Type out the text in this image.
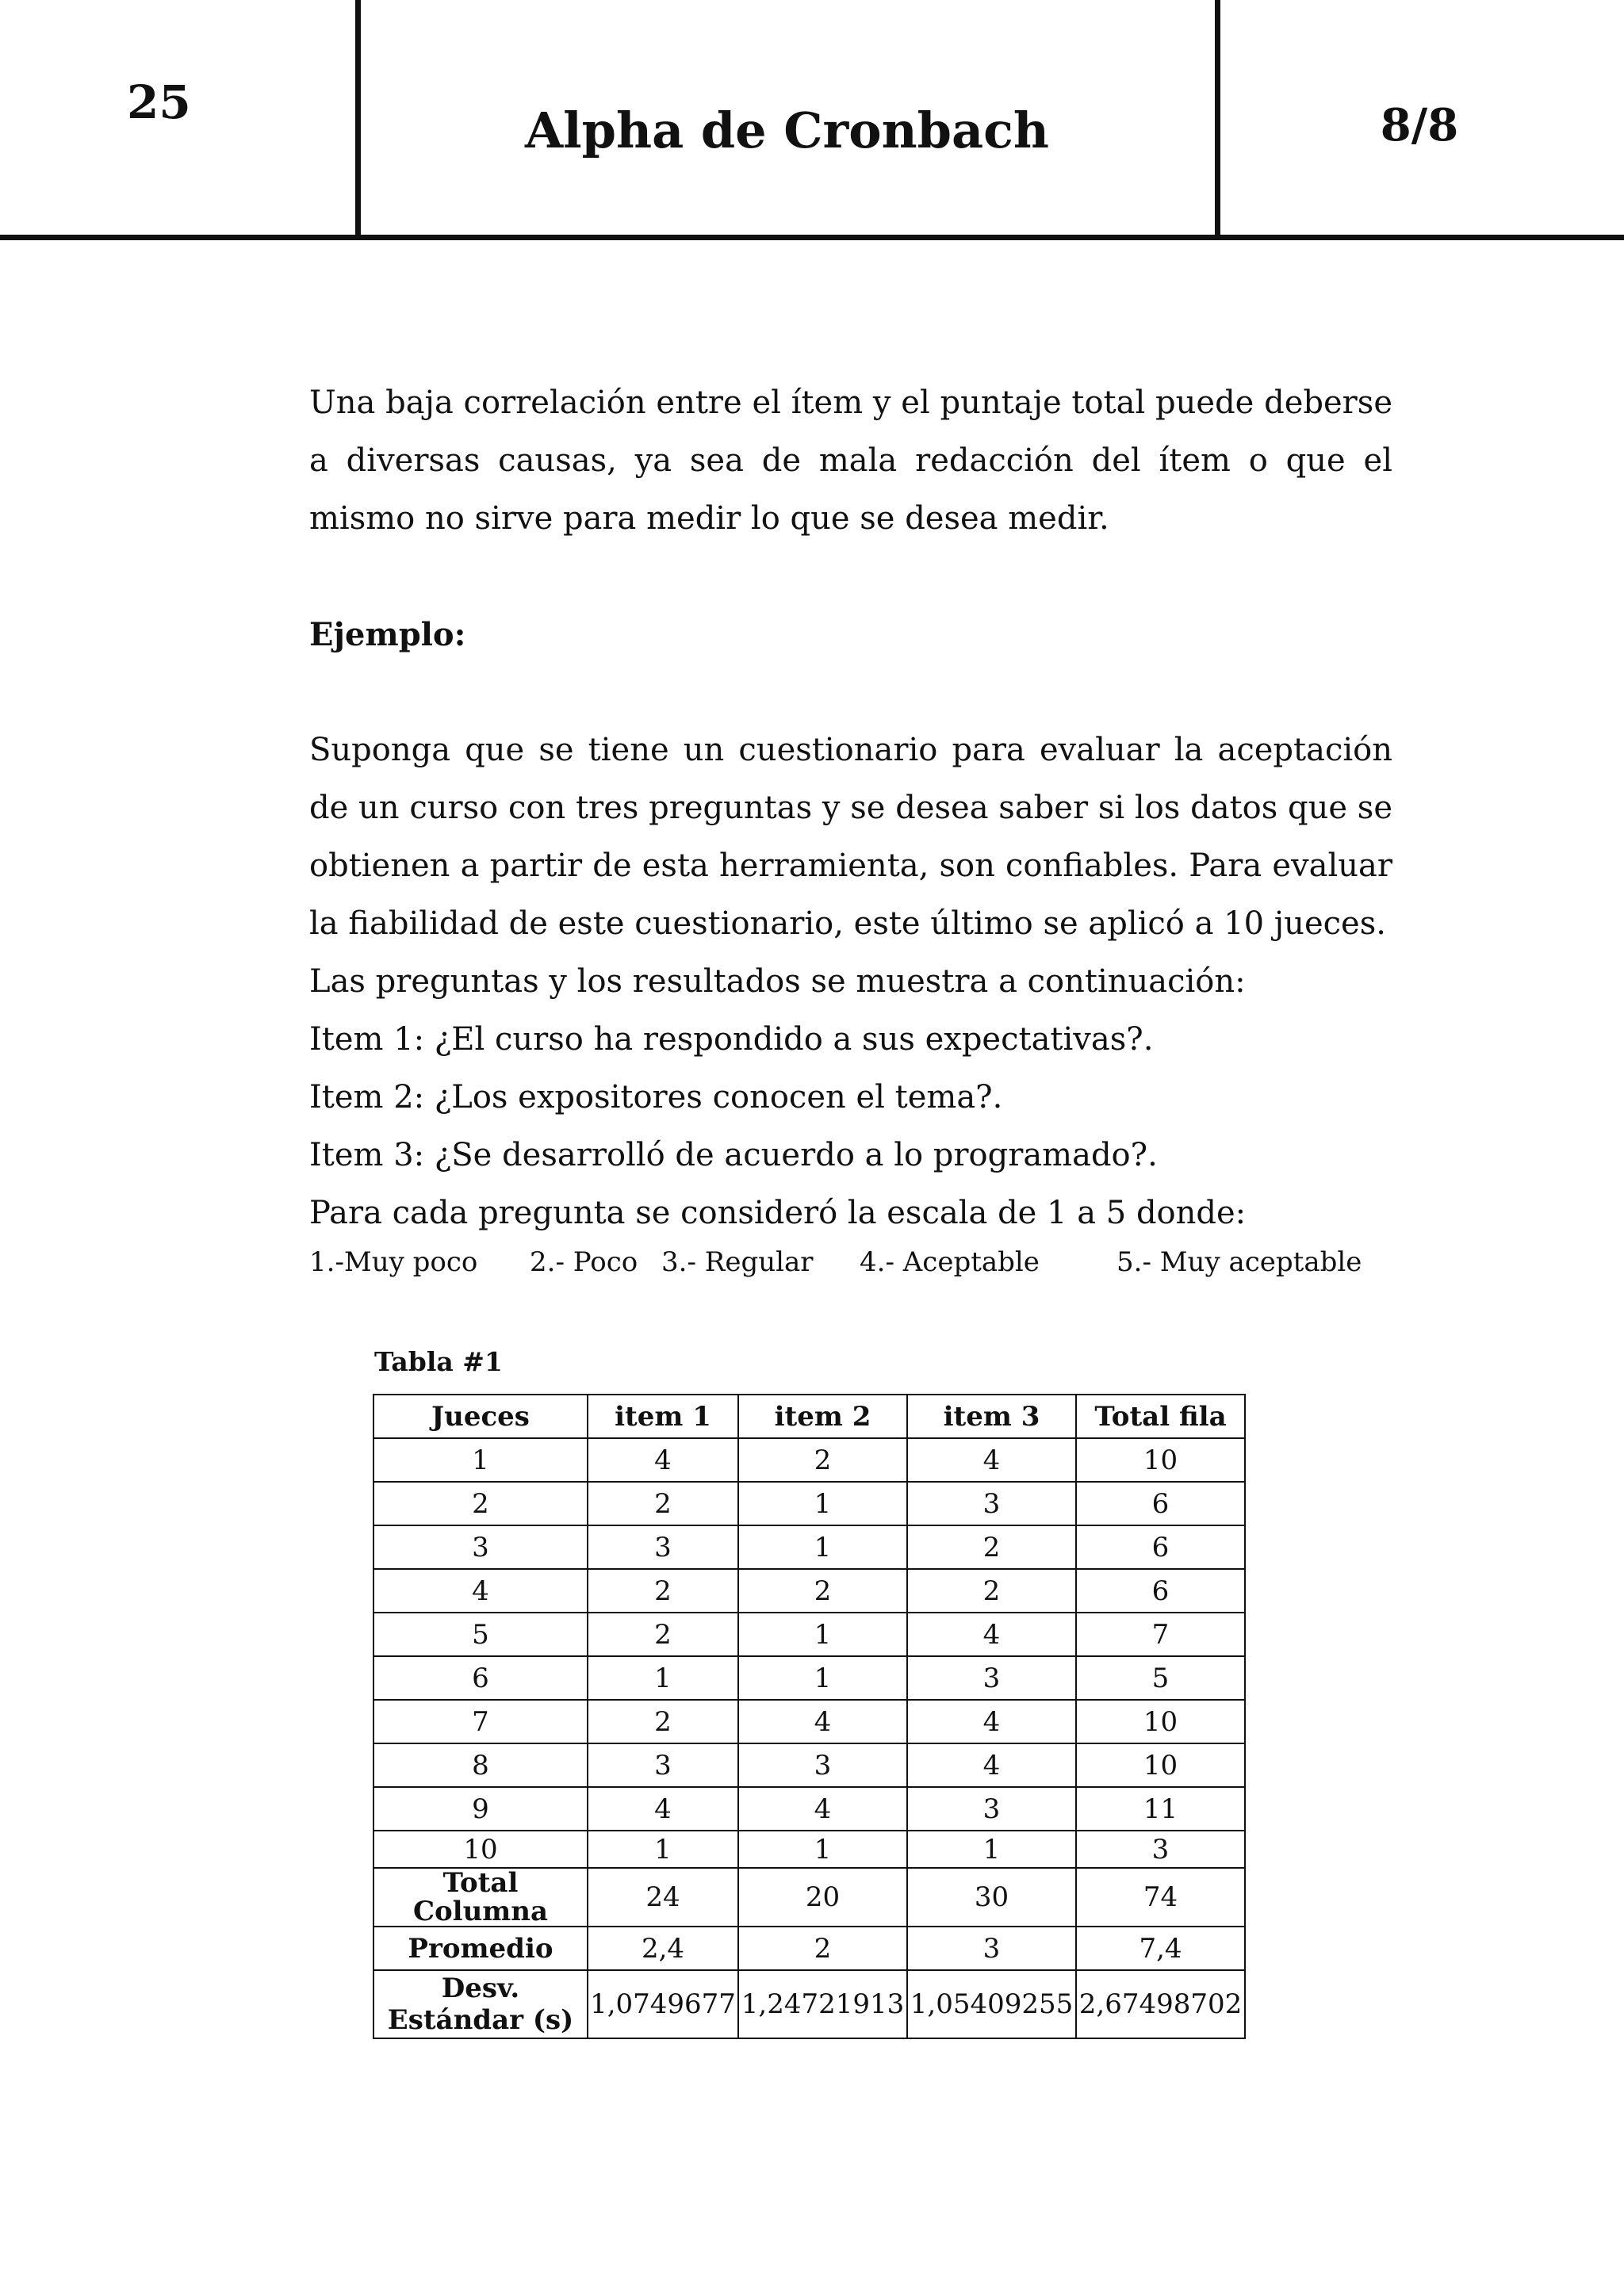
25	Alpha de Cronbach	8/8

Una baja correlación entre el ítem y el puntaje total puede deberse a diversas causas, ya sea de mala redacción del ítem o que el mismo no sirve para medir lo que se desea medir.

Ejemplo:

Suponga que se tiene un cuestionario para evaluar la aceptación de un curso con tres preguntas y se desea saber si los datos que se obtienen a partir de esta herramienta, son confiables. Para evaluar la fiabilidad de este cuestionario, este último se aplicó a 10 jueces.

Las preguntas y los resultados se muestra a continuación:

Item 1: ¿El curso ha respondido a sus expectativas?.

Item 2: ¿Los expositores conocen el tema?.

Item 3: ¿Se desarrolló de acuerdo a lo programado?.

Para cada pregunta se consideró la escala de 1 a 5 donde:

1.-Muy poco 2.- Poco 3.- Regular 4.- Aceptable	5.- Muy aceptable
Tabla #1
Jueces	item 1	item 2	item 3	Total fila
1	4	2	4	10
2	2	1	3	6
3	3	1	2	6
4	2	2	2	6
5	2	1	4	7
6	1	1	3	5
7	2	4	4	10
8	3	3	4	10
9	4	4	3	11
10	1	1	1	3
Total Columna	24	20	30	74
Promedio	2,4	2	3	7,4
Desv.
Estándar (s)	1,0749677	1,24721913	1,05409255	2,67498702
